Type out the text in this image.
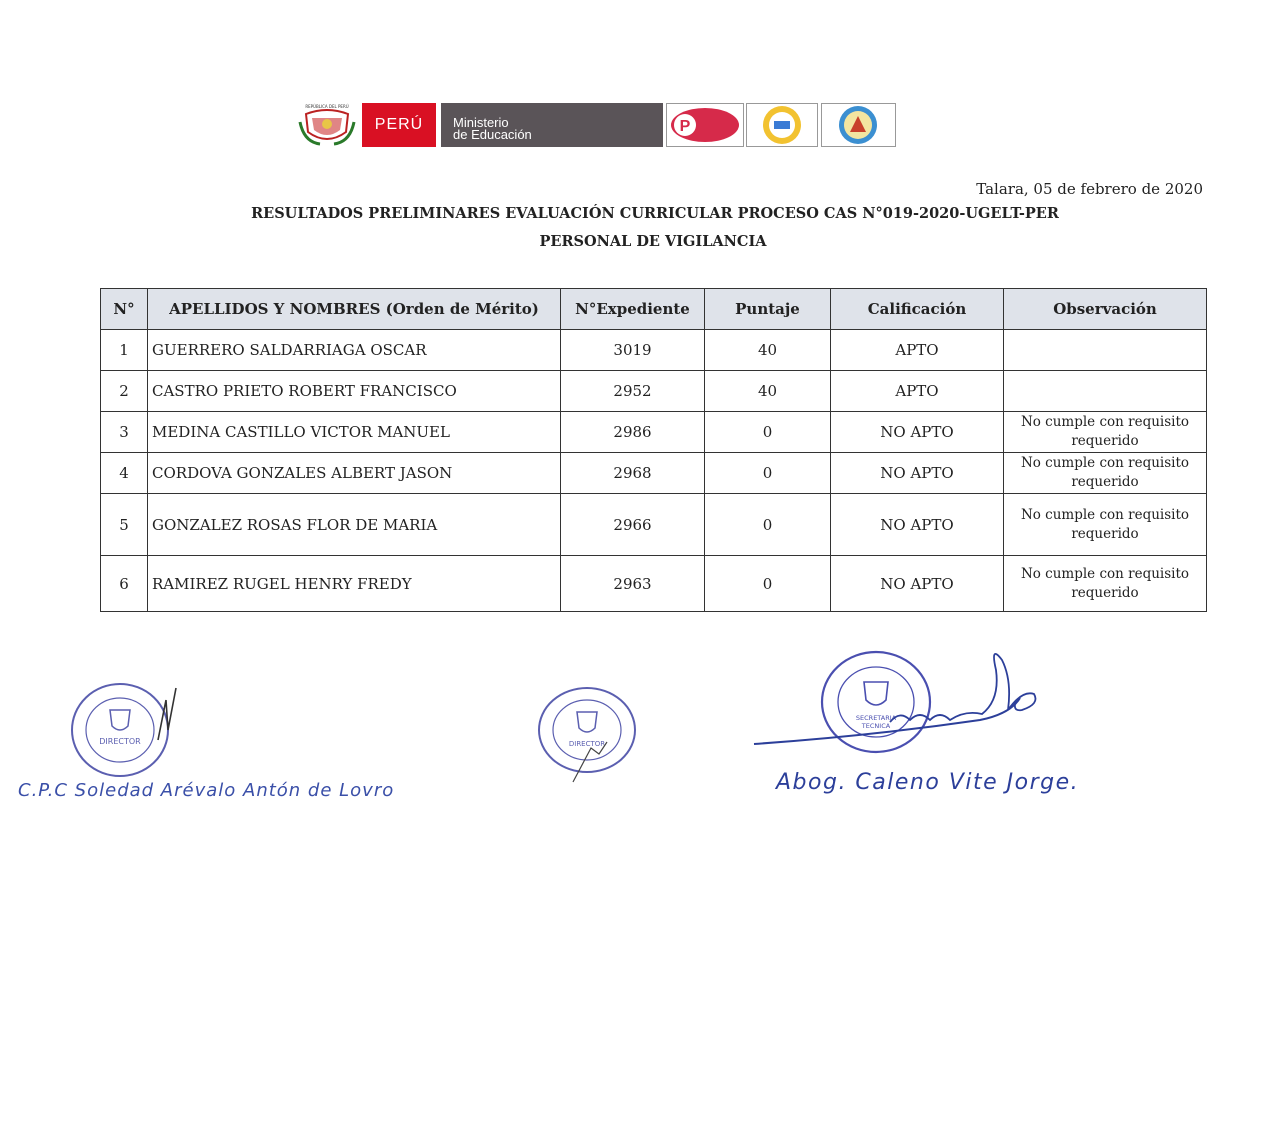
REPÚBLICA DEL PERÚ
PERÚ Ministerio
de Educación	P
Talara, 05 de febrero de 2020
RESULTADOS PRELIMINARES EVALUACIÓN CURRICULAR PROCESO CAS N°019-2020-UGELT-PER
PERSONAL DE VIGILANCIA
N°	APELLIDOS Y NOMBRES (Orden de Mérito)	N°Expediente	Puntaje	Calificación	Observación
1	GUERRERO SALDARRIAGA OSCAR	3019	40	APTO	
2	CASTRO PRIETO ROBERT FRANCISCO	2952	40	APTO	
3	MEDINA CASTILLO VICTOR MANUEL	2986	0	NO APTO	No cumple con requisito requerido
4	CORDOVA GONZALES ALBERT JASON	2968	0	NO APTO	No cumple con requisito requerido
5	GONZALEZ ROSAS FLOR DE MARIA	2966	0	NO APTO	No cumple con requisito requerido
6	RAMIREZ RUGEL HENRY FREDY	2963	0	NO APTO	No cumple con requisito requerido
DIRECTOR
C.P.C Soledad Arévalo Antón de Lovro
DIRECTOR
SECRETARIA
TECNICA
Abog. Caleno Vite Jorge.
